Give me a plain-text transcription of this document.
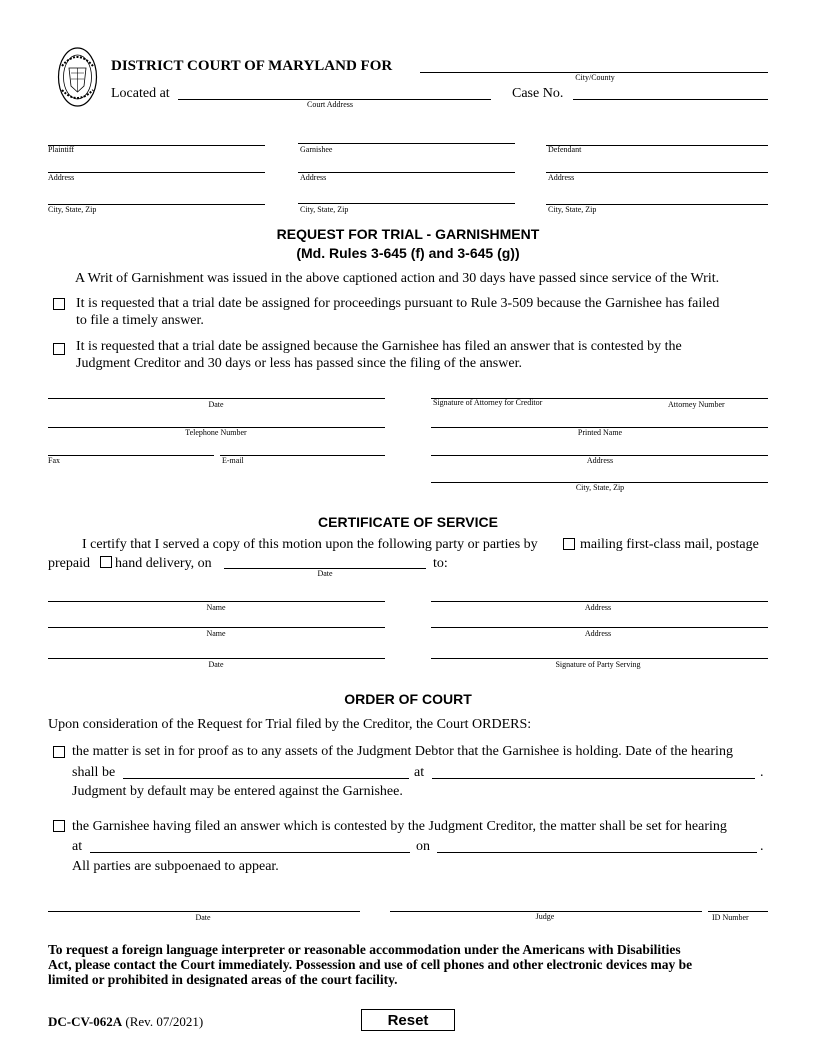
DISTRICT COURT OF MARYLAND FOR
City/County
Located at
Court Address
Case No.
Plaintiff	Garnishee	Defendant
Address	Address	Address
City, State, Zip	City, State, Zip	City, State, Zip
REQUEST FOR TRIAL - GARNISHMENT
(Md. Rules 3-645 (f) and 3-645 (g))
A Writ of Garnishment was issued in the above captioned action and 30 days have passed since service of the Writ.
It is requested that a trial date be assigned for proceedings pursuant to Rule 3-509 because the Garnishee has failed
to file a timely answer.
It is requested that a trial date be assigned because the Garnishee has filed an answer that is contested by the
Judgment Creditor and 30 days or less has passed since the filing of the answer.
Date	Signature of Attorney for Creditor	Attorney Number
Telephone Number	Printed Name
Fax	E-mail	Address
City, State, Zip
CERTIFICATE OF SERVICE
I certify that I served a copy of this motion upon the following party or parties by	mailing first-class mail, postage
prepaid hand delivery, on
Date
to:
Name	Address
Name	Address
Date	Signature of Party Serving
ORDER OF COURT
Upon consideration of the Request for Trial filed by the Creditor, the Court ORDERS:
the matter is set in for proof as to any assets of the Judgment Debtor that the Garnishee is holding. Date of the hearing
shall be	at	.
Judgment by default may be entered against the Garnishee.
the Garnishee having filed an answer which is contested by the Judgment Creditor, the matter shall be set for hearing
at	on	.
All parties are subpoenaed to appear.
Date	Judge	ID Number
To request a foreign language interpreter or reasonable accommodation under the Americans with Disabilities
Act, please contact the Court immediately. Possession and use of cell phones and other electronic devices may be
limited or prohibited in designated areas of the court facility.
DC-CV-062A (Rev. 07/2021)	Reset
